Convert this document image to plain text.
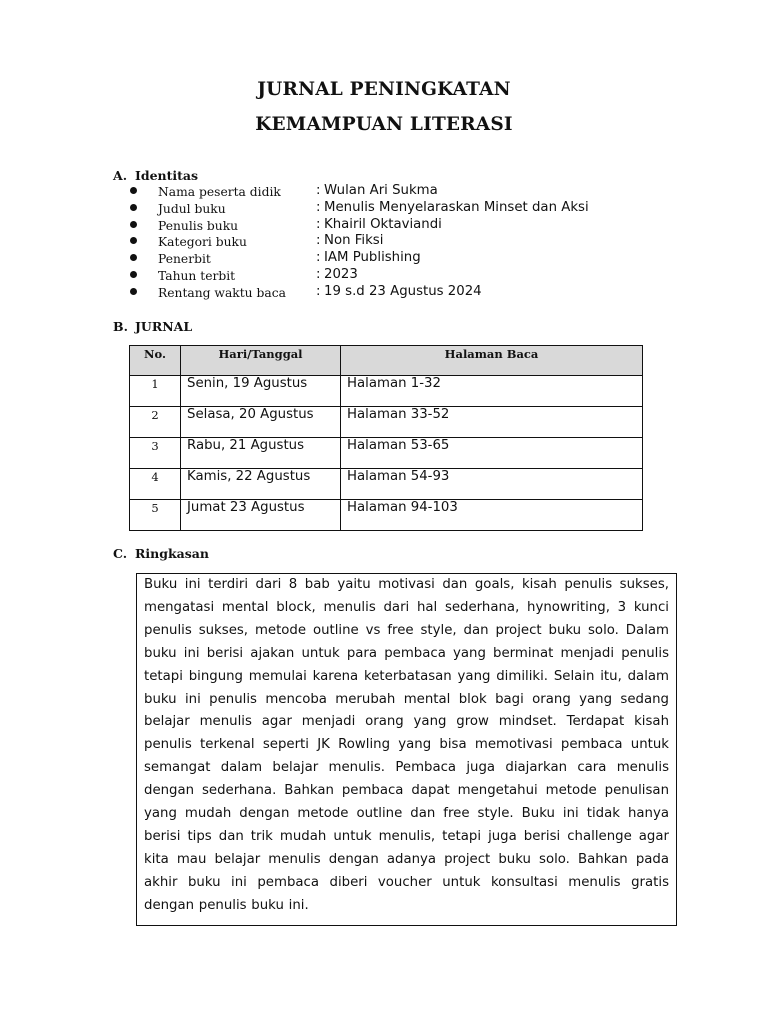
JURNAL PENINGKATAN
KEMAMPUAN LITERASI
A. Identitas
Nama peserta didik	: Wulan Ari Sukma
Judul buku	: Menulis Menyelaraskan Minset dan Aksi
Penulis buku	: Khairil Oktaviandi
Kategori buku	: Non Fiksi
Penerbit	: IAM Publishing
Tahun terbit	: 2023
Rentang waktu baca : 19 s.d 23 Agustus 2024
B. JURNAL
No.	Hari/Tanggal	Halaman Baca
1	Senin, 19 Agustus	Halaman 1-32
2	Selasa, 20 Agustus	Halaman 33-52
3	Rabu, 21 Agustus	Halaman 53-65
4	Kamis, 22 Agustus	Halaman 54-93
5	Jumat 23 Agustus	Halaman 94-103
C. Ringkasan

Buku ini terdiri dari 8 bab yaitu motivasi dan goals, kisah penulis sukses, mengatasi mental block, menulis dari hal sederhana, hynowriting, 3 kunci penulis sukses, metode outline vs free style, dan project buku solo. Dalam buku ini berisi ajakan untuk para pembaca yang berminat menjadi penulis tetapi bingung memulai karena keterbatasan yang dimiliki. Selain itu, dalam buku ini penulis mencoba merubah mental blok bagi orang yang sedang belajar menulis agar menjadi orang yang grow mindset. Terdapat kisah penulis terkenal seperti JK Rowling yang bisa memotivasi pembaca untuk semangat dalam belajar menulis. Pembaca juga diajarkan cara menulis dengan sederhana. Bahkan pembaca dapat mengetahui metode penulisan yang mudah dengan metode outline dan free style. Buku ini tidak hanya berisi tips dan trik mudah untuk menulis, tetapi juga berisi challenge agar kita mau belajar menulis dengan adanya project buku solo. Bahkan pada akhir buku ini pembaca diberi voucher untuk konsultasi menulis gratis dengan penulis buku ini.
